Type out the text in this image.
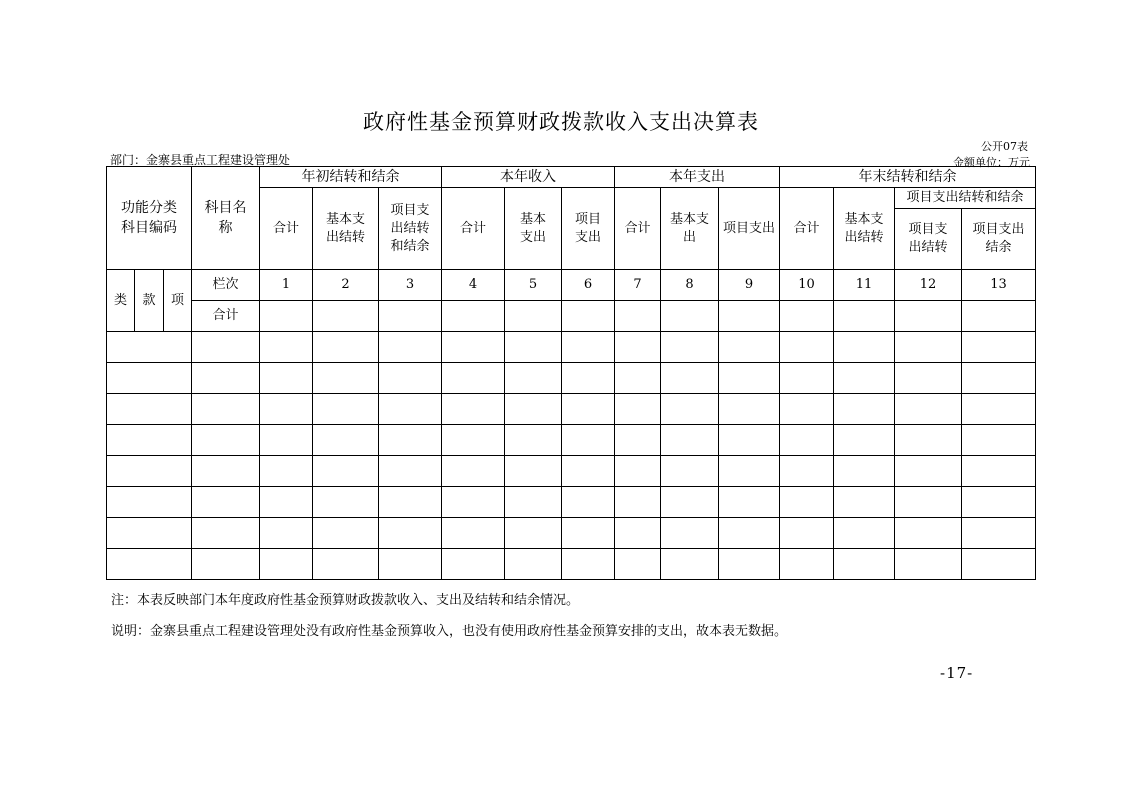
政府性基金预算财政拨款收入支出决算表
公开07表
部门：金寨县重点工程建设管理处	金额单位：万元
功能分类科目编码			科目名称	年初结转和结余			本年收入			本年支出			年末结转和结余			
				合计	基本支出结转	项目支出结转和结余	合计	基本支出	项目支出	合计	基本支出	项目支出	合计	基本支出结转	项目支出结转和结余	
															项目支出结转	项目支出结余
类	款	项	栏次	1	2	3	4	5	6	7	8	9	10	11	12	13
			合计													

注：本表反映部门本年度政府性基金预算财政拨款收入、支出及结转和结余情况。
说明：金寨县重点工程建设管理处没有政府性基金预算收入，也没有使用政府性基金预算安排的支出，故本表无数据。
-17-
